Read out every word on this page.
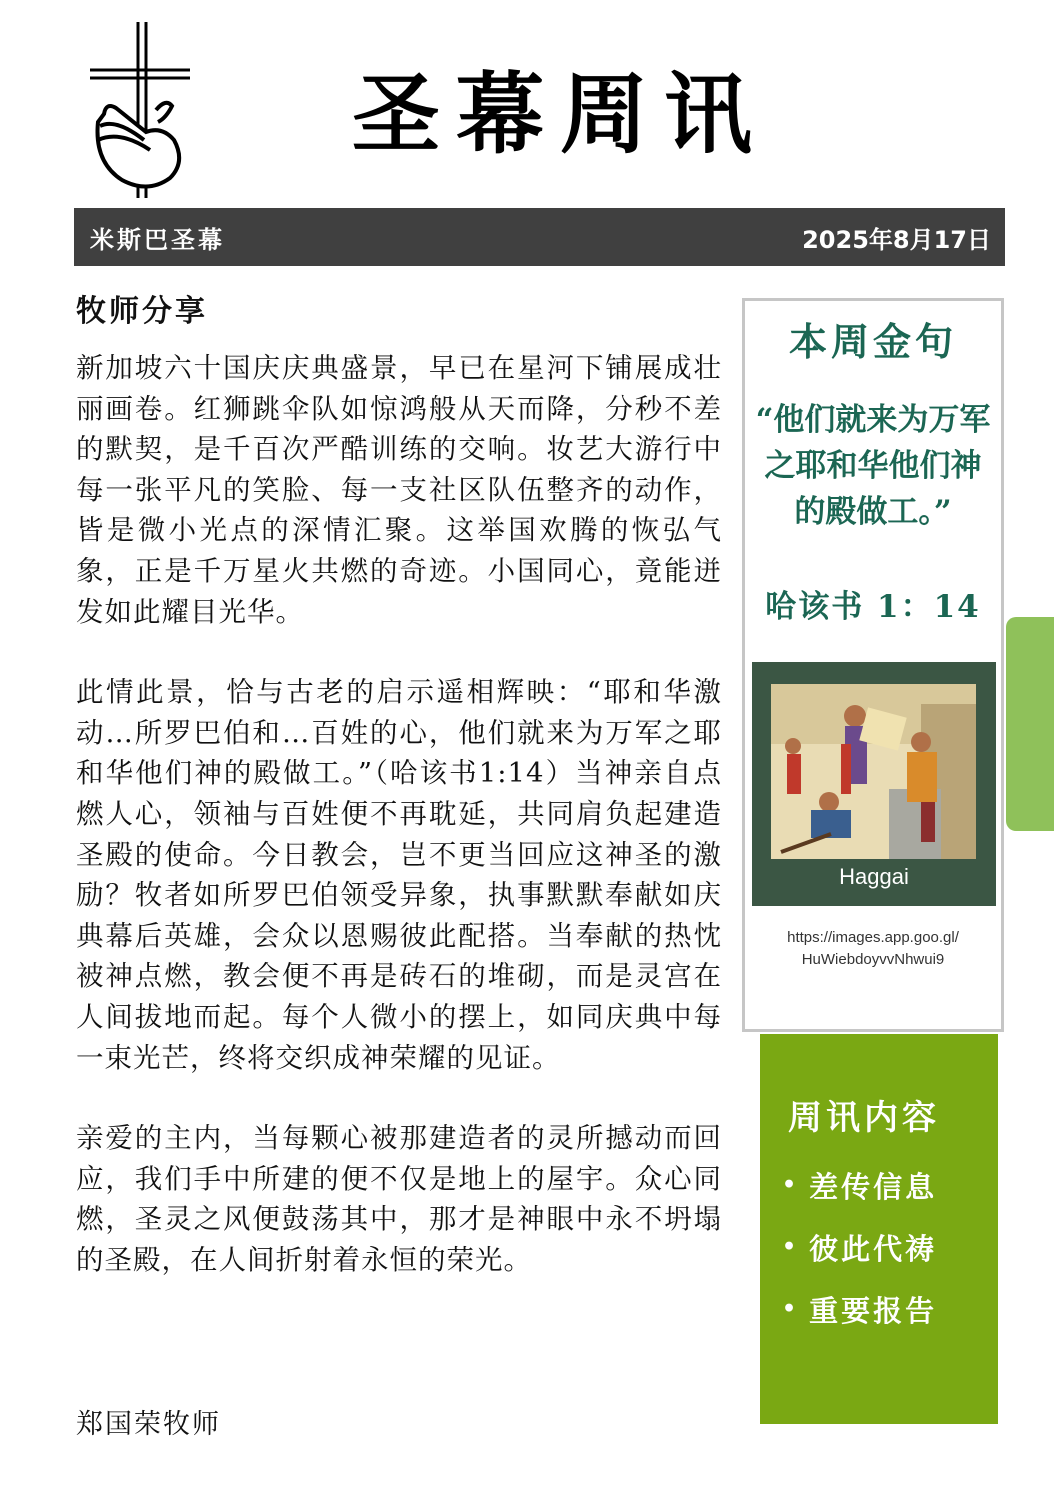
圣幕周讯
米斯巴圣幕	2025年8月17日
牧师分享

新加坡六十国庆庆典盛景，早已在星河下铺展成壮丽画卷。红狮跳伞队如惊鸿般从天而降，分秒不差的默契，是千百次严酷训练的交响。妆艺大游行中每一张平凡的笑脸、每一支社区队伍整齐的动作，皆是微小光点的深情汇聚。这举国欢腾的恢弘气象，正是千万星火共燃的奇迹。小国同心，竟能迸发如此耀目光华。

此情此景，恰与古老的启示遥相辉映：“耶和华激动…所罗巴伯和…百姓的心，他们就来为万军之耶和华他们神的殿做工。”（哈该书1:14）当神亲自点燃人心，领袖与百姓便不再耽延，共同肩负起建造圣殿的使命。今日教会，岂不更当回应这神圣的激励？牧者如所罗巴伯领受异象，执事默默奉献如庆典幕后英雄，会众以恩赐彼此配搭。当奉献的热忱被神点燃，教会便不再是砖石的堆砌，而是灵宫在人间拔地而起。每个人微小的摆上，如同庆典中每一束光芒，终将交织成神荣耀的见证。

亲爱的主内，当每颗心被那建造者的灵所撼动而回应，我们手中所建的便不仅是地上的屋宇。众心同燃，圣灵之风便鼓荡其中，那才是神眼中永不坍塌的圣殿，在人间折射着永恒的荣光。

郑国荣牧师
本周金句
“他们就来为万军之耶和华他们神的殿做工。”
哈该书 1：14
Haggai
https://images.app.goo.gl/
HuWiebdoyvvNhwui9
周讯内容
• 差传信息
• 彼此代祷
• 重要报告
